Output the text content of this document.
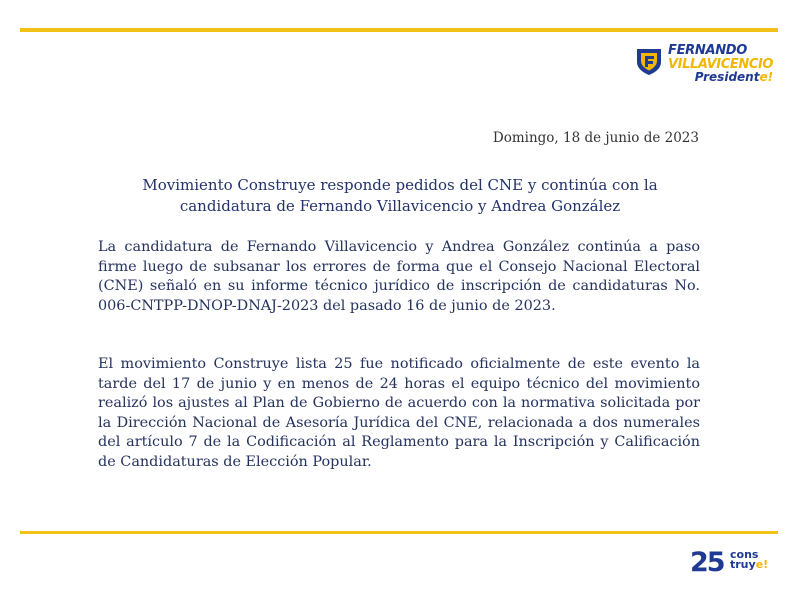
FERNANDO
VILLAVICENCIO
Presidente!
Domingo, 18 de junio de 2023
Movimiento Construye responde pedidos del CNE y continúa con la candidatura de Fernando Villavicencio y Andrea González
La candidatura de Fernando Villavicencio y Andrea González continúa a paso firme luego de subsanar los errores de forma que el Consejo Nacional Electoral (CNE) señaló en su informe técnico jurídico de inscripción de candidaturas No. 006-CNTPP-DNOP-DNAJ-2023 del pasado 16 de junio de 2023.
El movimiento Construye lista 25 fue notificado oficialmente de este evento la tarde del 17 de junio y en menos de 24 horas el equipo técnico del movimiento realizó los ajustes al Plan de Gobierno de acuerdo con la normativa solicitada por la Dirección Nacional de Asesoría Jurídica del CNE, relacionada a dos numerales del artículo 7 de la Codificación al Reglamento para la Inscripción y Calificación de Candidaturas de Elección Popular.
25 cons
truye!
